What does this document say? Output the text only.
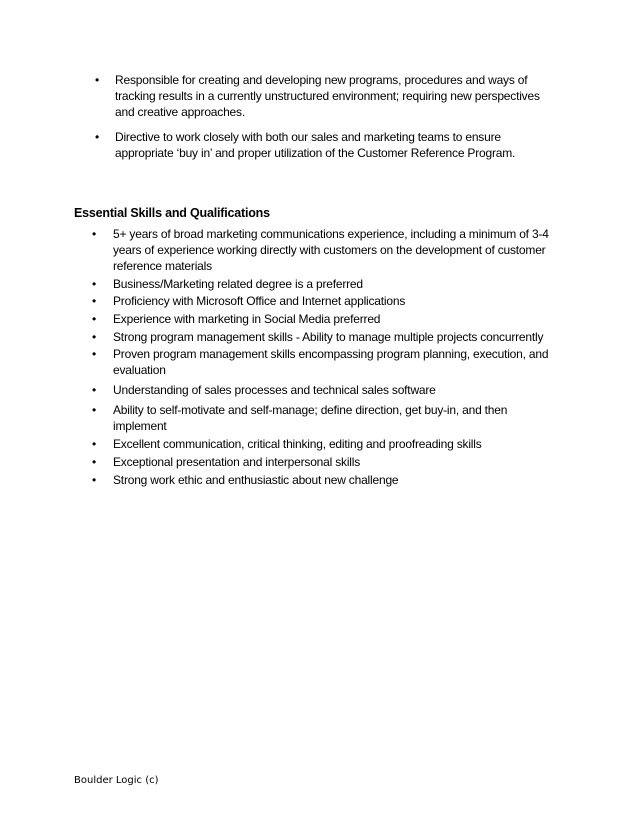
• Responsible for creating and developing new programs, procedures and ways of tracking results in a currently unstructured environment; requiring new perspectives and creative approaches.
• Directive to work closely with both our sales and marketing teams to ensure appropriate ‘buy in’ and proper utilization of the Customer Reference Program.
Essential Skills and Qualifications
• 5+ years of broad marketing communications experience, including a minimum of 3-4 years of experience working directly with customers on the development of customer reference materials
• Business/Marketing related degree is a preferred
• Proficiency with Microsoft Office and Internet applications
• Experience with marketing in Social Media preferred
• Strong program management skills - Ability to manage multiple projects concurrently
• Proven program management skills encompassing program planning, execution, and evaluation
• Understanding of sales processes and technical sales software
• Ability to self-motivate and self-manage; define direction, get buy-in, and then implement
• Excellent communication, critical thinking, editing and proofreading skills
• Exceptional presentation and interpersonal skills
• Strong work ethic and enthusiastic about new challenge
Boulder Logic (c)
